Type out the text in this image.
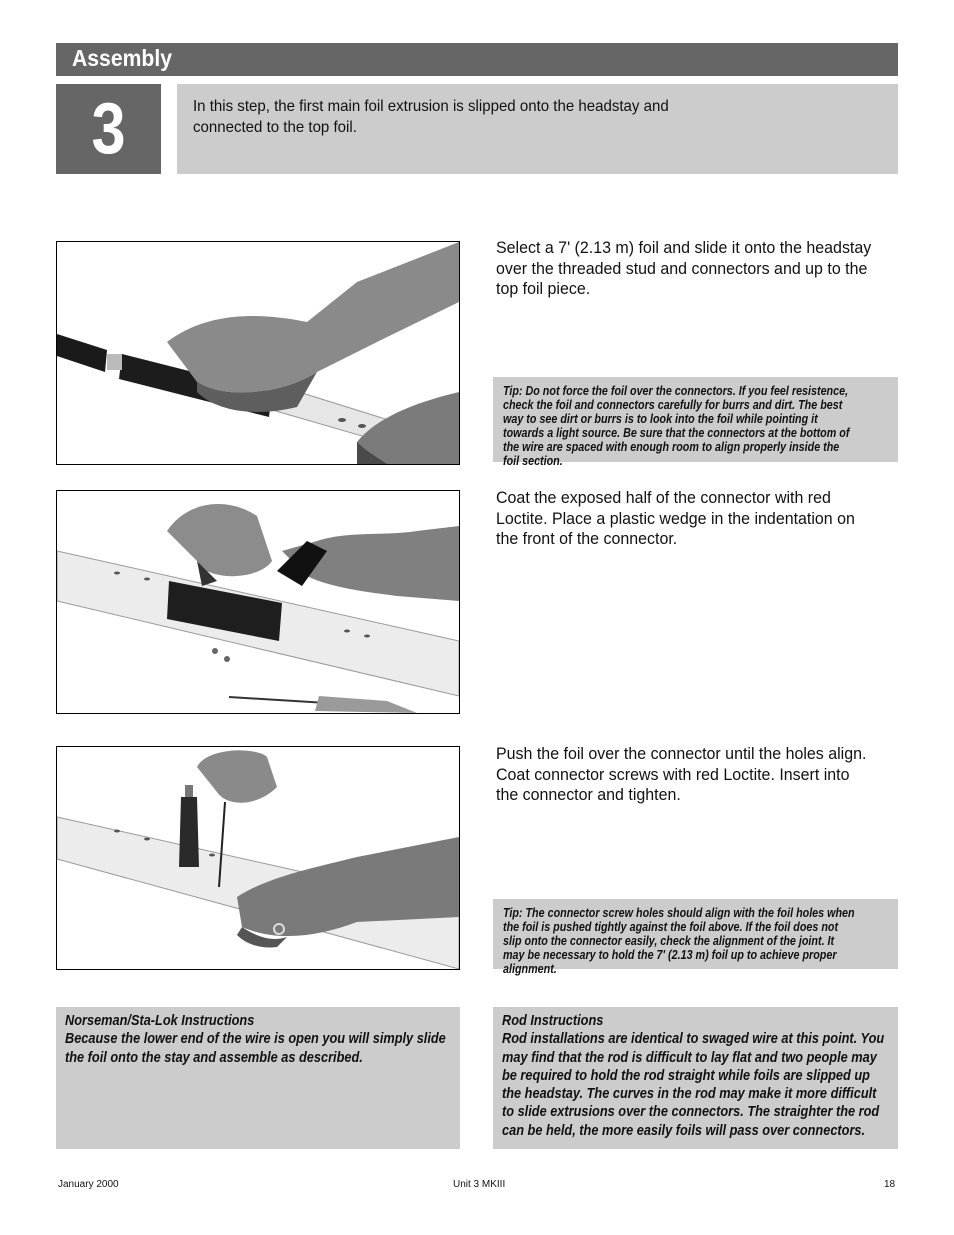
Assembly
3	In this step, the first main foil extrusion is slipped onto the headstay and connected to the top foil.

Select a 7' (2.13 m) foil and slide it onto the headstay over the threaded stud and connectors and up to the top foil piece.

Tip: Do not force the foil over the connectors. If you feel resistence, check the foil and connectors carefully for burrs and dirt. The best way to see dirt or burrs is to look into the foil while pointing it towards a light source. Be sure that the connectors at the bottom of the wire are spaced with enough room to align properly inside the foil section.

Coat the exposed half of the connector with red Loctite. Place a plastic wedge in the indentation on the front of the connector.

Push the foil over the connector until the holes align. Coat connector screws with red Loctite. Insert into the connector and tighten.

Tip: The connector screw holes should align with the foil holes when the foil is pushed tightly against the foil above. If the foil does not slip onto the connector easily, check the alignment of the joint. It may be necessary to hold the 7' (2.13 m) foil up to achieve proper alignment.

Norseman/Sta-Lok Instructions
Because the lower end of the wire is open you will simply slide the foil onto the stay and assemble as described.
Rod Instructions
Rod installations are identical to swaged wire at this point. You may find that the rod is difficult to lay flat and two people may be required to hold the rod straight while foils are slipped up the headstay. The curves in the rod may make it more difficult to slide extrusions over the connectors. The straighter the rod can be held, the more easily foils will pass over connectors.
January 2000	Unit 3 MKIII	18
